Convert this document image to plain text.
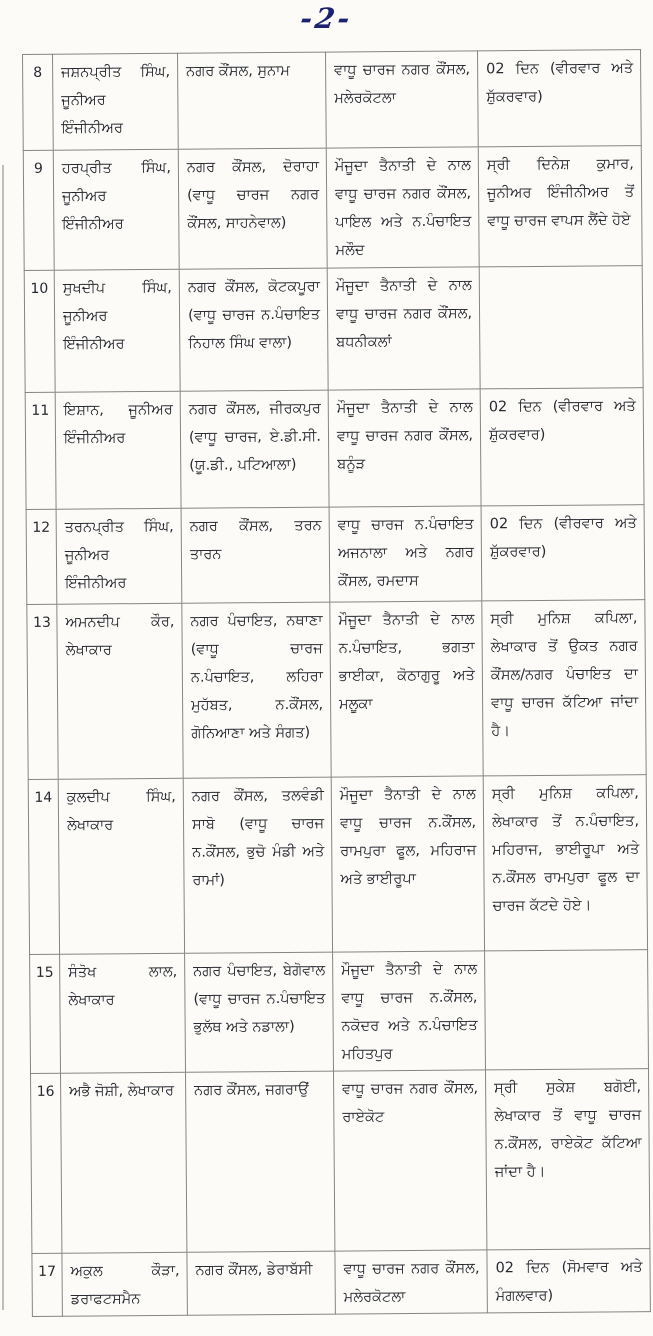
-2-
8	ਜਸ਼ਨਪ੍ਰੀਤ ਸਿੰਘ, ਜੂਨੀਅਰ ਇੰਜੀਨੀਅਰ	ਨਗਰ ਕੌਂਸਲ, ਸੁਨਾਮ	ਵਾਧੂ ਚਾਰਜ ਨਗਰ ਕੌਂਸਲ, ਮਲੇਰਕੋਟਲਾ	02 ਦਿਨ (ਵੀਰਵਾਰ ਅਤੇ ਸ਼ੁੱਕਰਵਾਰ)
9	ਹਰਪ੍ਰੀਤ ਸਿੰਘ, ਜੂਨੀਅਰ ਇੰਜੀਨੀਅਰ	ਨਗਰ ਕੌਂਸਲ, ਦੋਰਾਹਾ (ਵਾਧੂ ਚਾਰਜ ਨਗਰ ਕੌਂਸਲ, ਸਾਹਨੇਵਾਲ)	ਮੌਜੂਦਾ ਤੈਨਾਤੀ ਦੇ ਨਾਲ ਵਾਧੂ ਚਾਰਜ ਨਗਰ ਕੌਂਸਲ, ਪਾਇਲ ਅਤੇ ਨ.ਪੰਚਾਇਤ ਮਲੌਦ	ਸ੍ਰੀ ਦਿਨੇਸ਼ ਕੁਮਾਰ, ਜੂਨੀਅਰ ਇੰਜੀਨੀਅਰ ਤੋਂ ਵਾਧੂ ਚਾਰਜ ਵਾਪਸ ਲੈਂਦੇ ਹੋਏ
10	ਸੁਖਦੀਪ ਸਿੰਘ, ਜੂਨੀਅਰ ਇੰਜੀਨੀਅਰ	ਨਗਰ ਕੌਂਸਲ, ਕੋਟਕਪੂਰਾ (ਵਾਧੂ ਚਾਰਜ ਨ.ਪੰਚਾਇਤ ਨਿਹਾਲ ਸਿੰਘ ਵਾਲਾ)	ਮੌਜੂਦਾ ਤੈਨਾਤੀ ਦੇ ਨਾਲ ਵਾਧੂ ਚਾਰਜ ਨਗਰ ਕੌਂਸਲ, ਬਧਨੀਕਲਾਂ	
11	ਇਸ਼ਾਨ, ਜੂਨੀਅਰ ਇੰਜੀਨੀਅਰ	ਨਗਰ ਕੌਂਸਲ, ਜੀਰਕਪੁਰ (ਵਾਧੂ ਚਾਰਜ, ਏ.ਡੀ.ਸੀ. (ਯੂ.ਡੀ., ਪਟਿਆਲਾ)	ਮੌਜੂਦਾ ਤੈਨਾਤੀ ਦੇ ਨਾਲ ਵਾਧੂ ਚਾਰਜ ਨਗਰ ਕੌਂਸਲ, ਬਨੂੰੜ	02 ਦਿਨ (ਵੀਰਵਾਰ ਅਤੇ ਸ਼ੁੱਕਰਵਾਰ)
12	ਤਰਨਪ੍ਰੀਤ ਸਿੰਘ, ਜੂਨੀਅਰ ਇੰਜੀਨੀਅਰ	ਨਗਰ ਕੌਂਸਲ, ਤਰਨ ਤਾਰਨ	ਵਾਧੂ ਚਾਰਜ ਨ.ਪੰਚਾਇਤ ਅਜਨਾਲਾ ਅਤੇ ਨਗਰ ਕੌਂਸਲ, ਰਮਦਾਸ	02 ਦਿਨ (ਵੀਰਵਾਰ ਅਤੇ ਸ਼ੁੱਕਰਵਾਰ)
13	ਅਮਨਦੀਪ ਕੌਰ, ਲੇਖਾਕਾਰ	ਨਗਰ ਪੰਚਾਇਤ, ਨਥਾਣਾ (ਵਾਧੂ ਚਾਰਜ ਨ.ਪੰਚਾਇਤ, ਲਹਿਰਾ ਮੁਹੱਬਤ, ਨ.ਕੌਂਸਲ, ਗੋਨਿਆਣਾ ਅਤੇ ਸੰਗਤ)	ਮੌਜੂਦਾ ਤੈਨਾਤੀ ਦੇ ਨਾਲ ਨ.ਪੰਚਾਇਤ, ਭਗਤਾ ਭਾਈਕਾ, ਕੋਠਾਗੁਰੂ ਅਤੇ ਮਲੂਕਾ	ਸ੍ਰੀ ਮੁਨਿਸ਼ ਕਪਿਲਾ, ਲੇਖਾਕਾਰ ਤੋਂ ਉਕਤ ਨਗਰ ਕੌਂਸਲ/ਨਗਰ ਪੰਚਾਇਤ ਦਾ ਵਾਧੂ ਚਾਰਜ ਕੱਟਿਆ ਜਾਂਦਾ ਹੈ।
14	ਕੁਲਦੀਪ ਸਿੰਘ, ਲੇਖਾਕਾਰ	ਨਗਰ ਕੌਂਸਲ, ਤਲਵੰਡੀ ਸਾਬੋ (ਵਾਧੂ ਚਾਰਜ ਨ.ਕੌਂਸਲ, ਭੁਚੋ ਮੰਡੀ ਅਤੇ ਰਾਮਾਂ)	ਮੌਜੂਦਾ ਤੈਨਾਤੀ ਦੇ ਨਾਲ ਵਾਧੂ ਚਾਰਜ ਨ.ਕੌਂਸਲ, ਰਾਮਪੁਰਾ ਫੂਲ, ਮਹਿਰਾਜ ਅਤੇ ਭਾਈਰੂਪਾ	ਸ੍ਰੀ ਮੁਨਿਸ਼ ਕਪਿਲਾ, ਲੇਖਾਕਾਰ ਤੋਂ ਨ.ਪੰਚਾਇਤ, ਮਹਿਰਾਜ, ਭਾਈਰੂਪਾ ਅਤੇ ਨ.ਕੌਂਸਲ ਰਾਮਪੁਰਾ ਫੂਲ ਦਾ ਚਾਰਜ ਕੱਟਦੇ ਹੋਏ।
15	ਸੰਤੋਖ ਲਾਲ, ਲੇਖਾਕਾਰ	ਨਗਰ ਪੰਚਾਇਤ, ਬੇਗੋਵਾਲ (ਵਾਧੂ ਚਾਰਜ ਨ.ਪੰਚਾਇਤ ਭੁਲੱਥ ਅਤੇ ਨਡਾਲਾ)	ਮੌਜੂਦਾ ਤੈਨਾਤੀ ਦੇ ਨਾਲ ਵਾਧੂ ਚਾਰਜ ਨ.ਕੌਂਸਲ, ਨਕੋਦਰ ਅਤੇ ਨ.ਪੰਚਾਇਤ ਮਹਿਤਪੁਰ	
16	ਅਭੈ ਜੋਸ਼ੀ, ਲੇਖਾਕਾਰ	ਨਗਰ ਕੌਂਸਲ, ਜਗਰਾਉਂ	ਵਾਧੂ ਚਾਰਜ ਨਗਰ ਕੌਂਸਲ, ਰਾਏਕੋਟ	ਸ੍ਰੀ ਸੁਕੇਸ਼ ਬਗੋਈ, ਲੇਖਾਕਾਰ ਤੋਂ ਵਾਧੂ ਚਾਰਜ ਨ.ਕੌਂਸਲ, ਰਾਏਕੋਟ ਕੱਟਿਆ ਜਾਂਦਾ ਹੈ।
17	ਅਕੁਲ ਕੌੜਾ, ਡਰਾਫਟਸਮੈਨ	ਨਗਰ ਕੌਂਸਲ, ਡੇਰਾਬੱਸੀ	ਵਾਧੂ ਚਾਰਜ ਨਗਰ ਕੌਂਸਲ, ਮਲੇਰਕੋਟਲਾ	02 ਦਿਨ (ਸੋਮਵਾਰ ਅਤੇ ਮੰਗਲਵਾਰ)
